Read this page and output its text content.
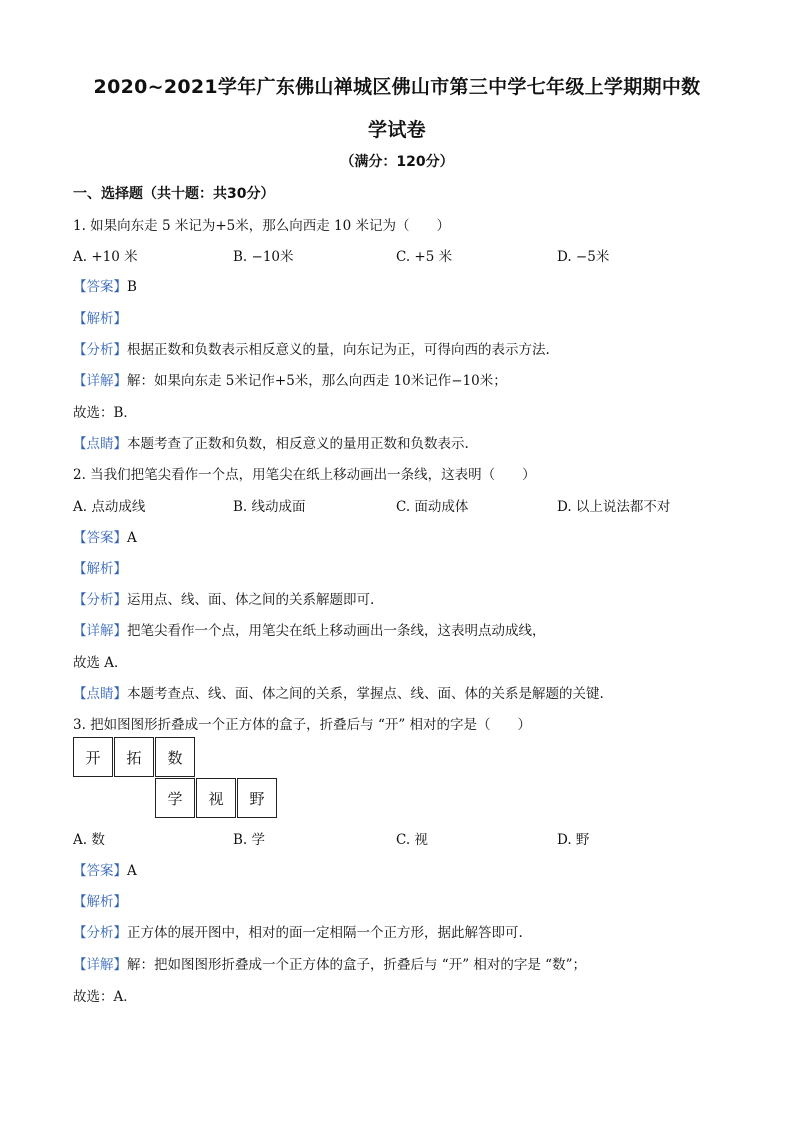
2020~2021学年广东佛山禅城区佛山市第三中学七年级上学期期中数
学试卷
（满分：120分）
一、选择题（共十题：共30分）
1. 如果向东走 5 米记为+5米，那么向西走 10 米记为（　　）
A. +10 米	B. −10米	C. +5 米	D. −5米
【答案】B
【解析】
【分析】根据正数和负数表示相反意义的量，向东记为正，可得向西的表示方法.
【详解】解：如果向东走 5米记作+5米，那么向西走 10米记作−10米；
故选：B．
【点睛】本题考查了正数和负数，相反意义的量用正数和负数表示.
2. 当我们把笔尖看作一个点，用笔尖在纸上移动画出一条线，这表明（　　）
A. 点动成线	B. 线动成面	C. 面动成体	D. 以上说法都不对
【答案】A
【解析】
【分析】运用点、线、面、体之间的关系解题即可.
【详解】把笔尖看作一个点，用笔尖在纸上移动画出一条线，这表明点动成线，
故选 A．
【点睛】本题考查点、线、面、体之间的关系，掌握点、线、面、体的关系是解题的关键.
3. 把如图图形折叠成一个正方体的盒子，折叠后与 “开” 相对的字是（　　）
开	拓	数
学	视	野
A. 数	B. 学	C. 视	D. 野
【答案】A
【解析】
【分析】正方体的展开图中，相对的面一定相隔一个正方形，据此解答即可.
【详解】解：把如图图形折叠成一个正方体的盒子，折叠后与 “开” 相对的字是 “数”；
故选：A．
